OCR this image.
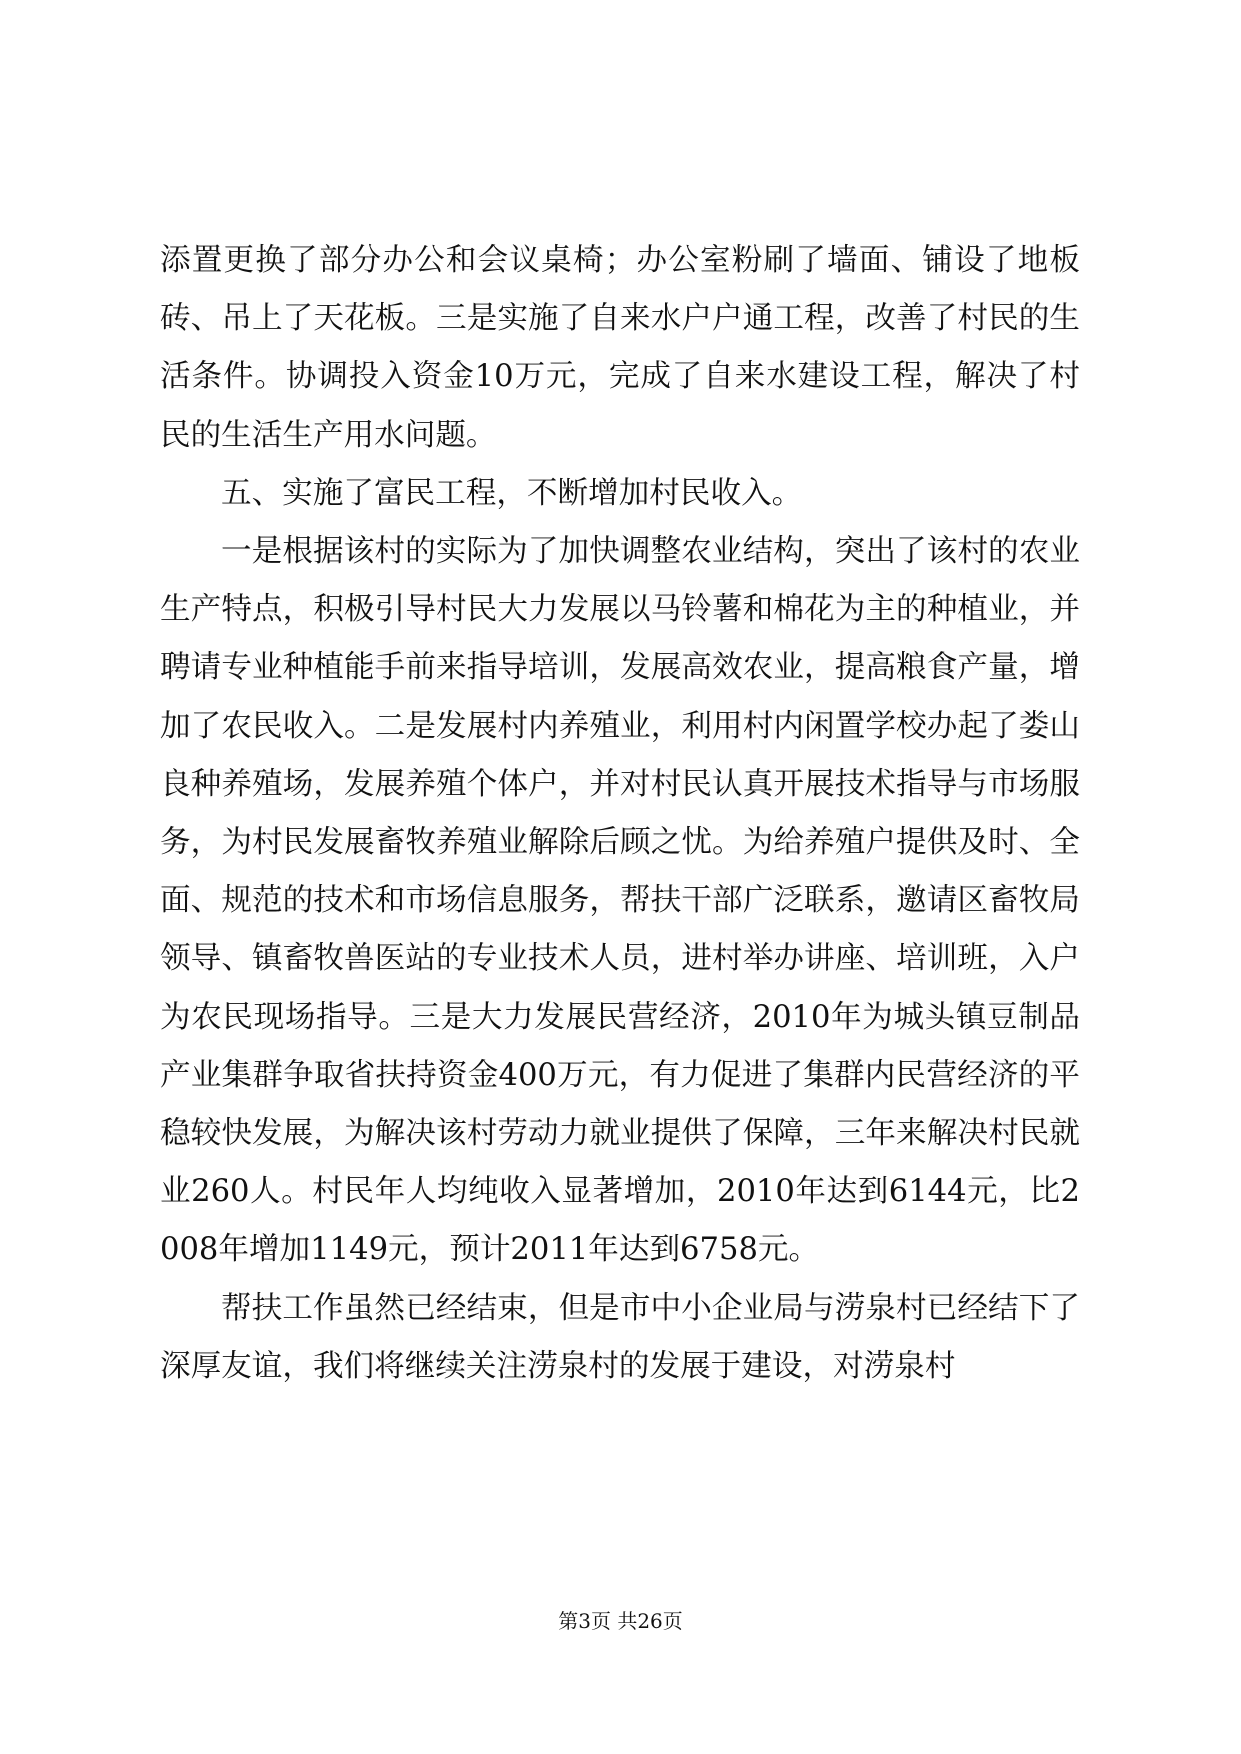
添置更换了部分办公和会议桌椅；办公室粉刷了墙面、铺设了地板砖、吊上了天花板。三是实施了自来水户户通工程，改善了村民的生活条件。协调投入资金10万元，完成了自来水建设工程，解决了村民的生活生产用水问题。

五、实施了富民工程，不断增加村民收入。

一是根据该村的实际为了加快调整农业结构，突出了该村的农业生产特点，积极引导村民大力发展以马铃薯和棉花为主的种植业，并聘请专业种植能手前来指导培训，发展高效农业，提高粮食产量，增加了农民收入。二是发展村内养殖业，利用村内闲置学校办起了娄山良种养殖场，发展养殖个体户，并对村民认真开展技术指导与市场服务，为村民发展畜牧养殖业解除后顾之忧。为给养殖户提供及时、全面、规范的技术和市场信息服务，帮扶干部广泛联系，邀请区畜牧局领导、镇畜牧兽医站的专业技术人员，进村举办讲座、培训班，入户为农民现场指导。三是大力发展民营经济，2010年为城头镇豆制品产业集群争取省扶持资金400万元，有力促进了集群内民营经济的平稳较快发展，为解决该村劳动力就业提供了保障，三年来解决村民就业260人。村民年人均纯收入显著增加，2010年达到6144元，比2008年增加1149元，预计2011年达到6758元。

帮扶工作虽然已经结束，但是市中小企业局与涝泉村已经结下了深厚友谊，我们将继续关注涝泉村的发展于建设，对涝泉村

第3页 共26页
